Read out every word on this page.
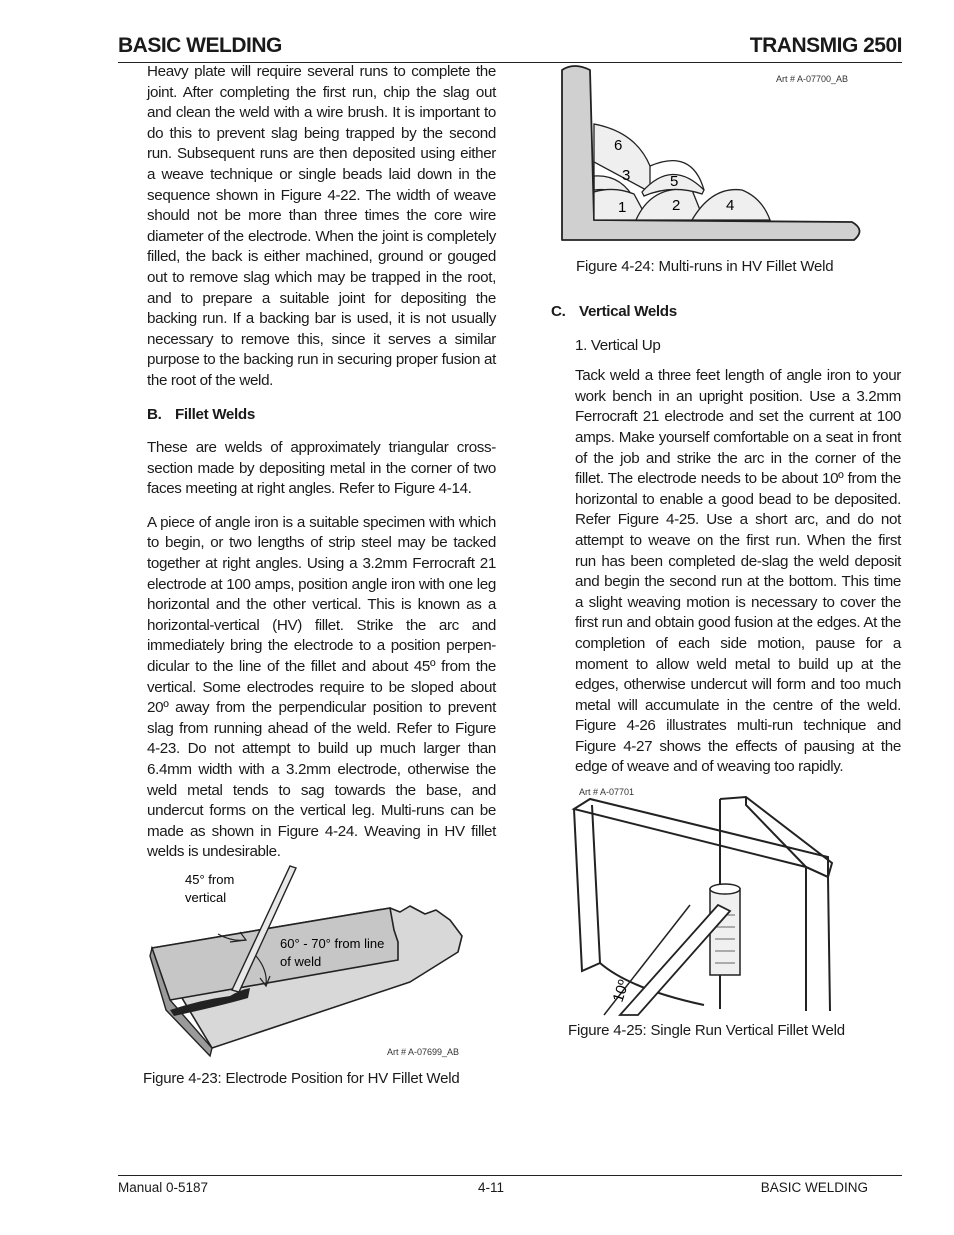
BASIC WELDING	TRANSMIG 250I

Heavy plate will require several runs to complete the joint. After completing the first run, chip the slag out and clean the weld with a wire brush. It is important to do this to prevent slag being trapped by the second run. Subsequent runs are then deposited using either a weave technique or single beads laid down in the sequence shown in Figure 4-22. The width of weave should not be more than three times the core wire diameter of the electrode. When the joint is completely filled, the back is either machined, ground or gouged out to remove slag which may be trapped in the root, and to prepare a suitable joint for depositing the backing run. If a backing bar is used, it is not usually necessary to remove this, since it serves a similar purpose to the backing run in securing proper fusion at the root of the weld.

B. Fillet Welds

These are welds of approximately triangular cross-section made by depositing metal in the corner of two faces meeting at right angles. Refer to Figure 4-14.

A piece of angle iron is a suitable specimen with which to begin, or two lengths of strip steel may be tacked together at right angles. Using a 3.2mm Ferrocraft 21 electrode at 100 amps, position angle iron with one leg horizontal and the other vertical. This is known as a horizontal-vertical (HV) fillet. Strike the arc and immediately bring the electrode to a position perpen-dicular to the line of the fillet and about 45º from the vertical. Some electrodes require to be sloped about 20º away from the perpendicular position to prevent slag from running ahead of the weld. Refer to Figure 4-23. Do not attempt to build up much larger than 6.4mm width with a 3.2mm electrode, otherwise the weld metal tends to sag towards the base, and undercut forms on the vertical leg. Multi-runs can be made as shown in Figure 4-24. Weaving in HV fillet welds is undesirable.

45° from
vertical
60° - 70° from line
of weld
Art # A-07699_AB
Figure 4-23: Electrode Position for HV Fillet Weld
1	2
3
4
5
6
Art # A-07700_AB
Figure 4-24: Multi-runs in HV Fillet Weld
C. Vertical Welds
1. Vertical Up

Tack weld a three feet length of angle iron to your work bench in an upright position. Use a 3.2mm Ferrocraft 21 electrode and set the current at 100 amps. Make yourself comfortable on a seat in front of the job and strike the arc in the corner of the fillet. The electrode needs to be about 10º from the horizontal to enable a good bead to be deposited. Refer Figure 4-25. Use a short arc, and do not attempt to weave on the first run. When the first run has been completed de-slag the weld deposit and begin the second run at the bottom. This time a slight weaving motion is necessary to cover the first run and obtain good fusion at the edges. At the completion of each side motion, pause for a moment to allow weld metal to build up at the edges, otherwise undercut will form and too much metal will accumulate in the centre of the weld. Figure 4-26 illustrates multi-run technique and Figure 4-27 shows the effects of pausing at the edge of weave and of weaving too rapidly.

Art # A-07701
10º
Figure 4-25: Single Run Vertical Fillet Weld
Manual 0-5187	4-11	BASIC WELDING
